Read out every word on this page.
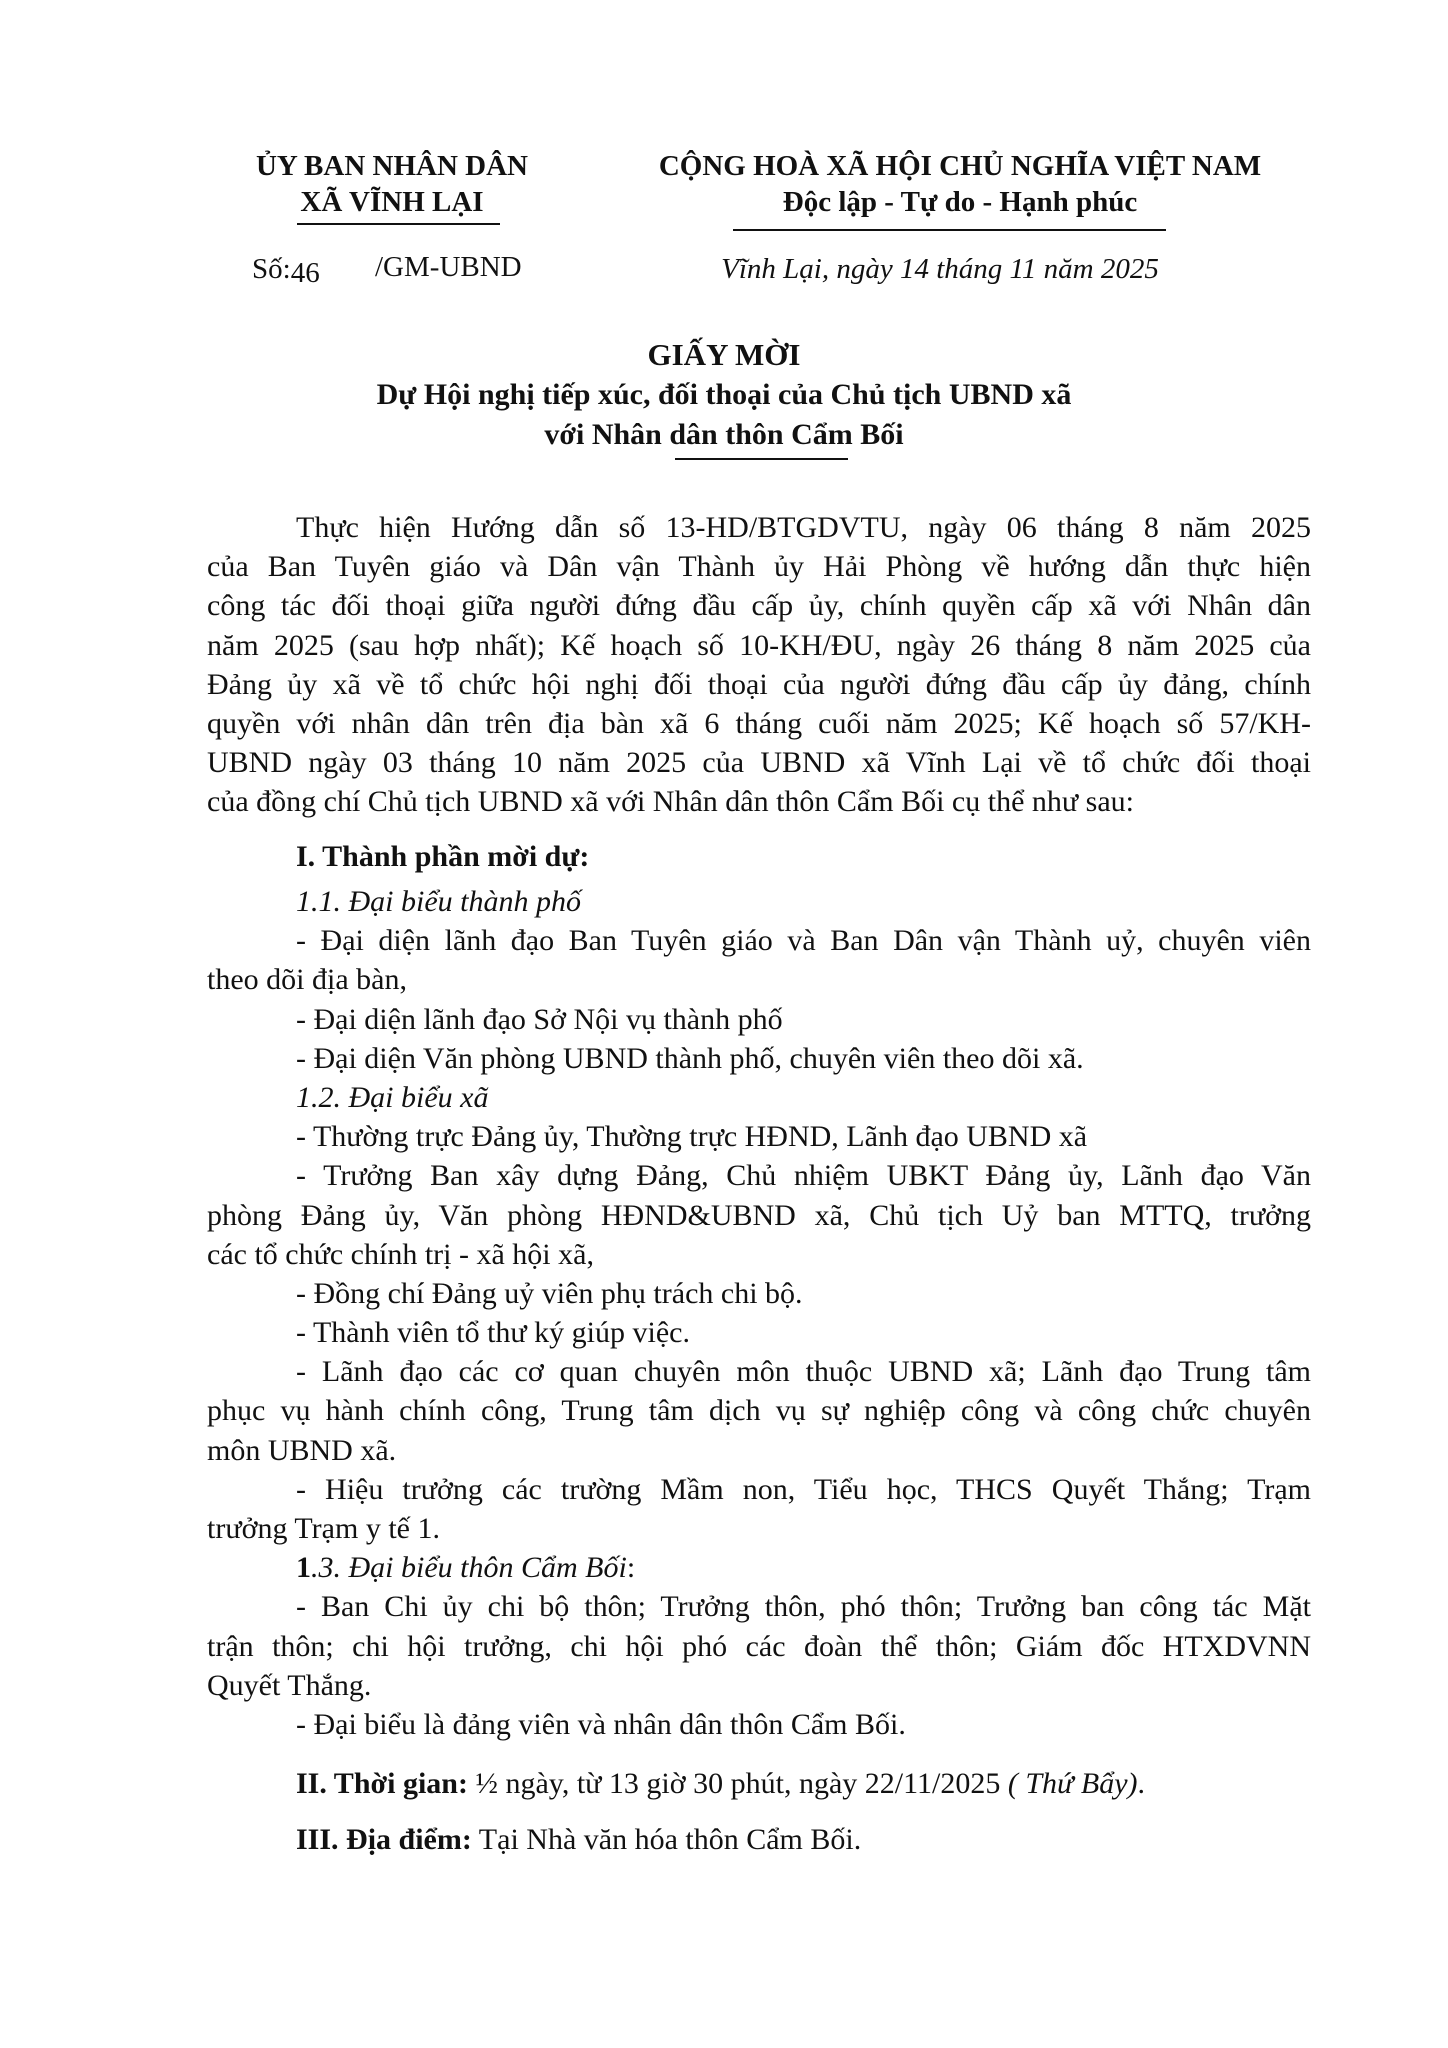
ỦY BAN NHÂN DÂN
XÃ VĨNH LẠI
CỘNG HOÀ XÃ HỘI CHỦ NGHĨA VIỆT NAM
Độc lập - Tự do - Hạnh phúc
Số:46 /GM-UBND	Vĩnh Lại, ngày 14 tháng 11 năm 2025
GIẤY MỜI
Dự Hội nghị tiếp xúc, đối thoại của Chủ tịch UBND xã
với Nhân dân thôn Cẩm Bối
Thực hiện Hướng dẫn số 13-HD/BTGDVTU, ngày 06 tháng 8 năm 2025
của Ban Tuyên giáo và Dân vận Thành ủy Hải Phòng về hướng dẫn thực hiện
công tác đối thoại giữa người đứng đầu cấp ủy, chính quyền cấp xã với Nhân dân
năm 2025 (sau hợp nhất); Kế hoạch số 10-KH/ĐU, ngày 26 tháng 8 năm 2025 của
Đảng ủy xã về tổ chức hội nghị đối thoại của người đứng đầu cấp ủy đảng, chính
quyền với nhân dân trên địa bàn xã 6 tháng cuối năm 2025; Kế hoạch số 57/KH-
UBND ngày 03 tháng 10 năm 2025 của UBND xã Vĩnh Lại về tổ chức đối thoại
của đồng chí Chủ tịch UBND xã với Nhân dân thôn Cẩm Bối cụ thể như sau:
I. Thành phần mời dự:
1.1. Đại biểu thành phố
- Đại diện lãnh đạo Ban Tuyên giáo và Ban Dân vận Thành uỷ, chuyên viên
theo dõi địa bàn,
- Đại diện lãnh đạo Sở Nội vụ thành phố
- Đại diện Văn phòng UBND thành phố, chuyên viên theo dõi xã.
1.2. Đại biểu xã
- Thường trực Đảng ủy, Thường trực HĐND, Lãnh đạo UBND xã
- Trưởng Ban xây dựng Đảng, Chủ nhiệm UBKT Đảng ủy, Lãnh đạo Văn
phòng Đảng ủy, Văn phòng HĐND&UBND xã, Chủ tịch Uỷ ban MTTQ, trưởng
các tổ chức chính trị - xã hội xã,
- Đồng chí Đảng uỷ viên phụ trách chi bộ.
- Thành viên tổ thư ký giúp việc.
- Lãnh đạo các cơ quan chuyên môn thuộc UBND xã; Lãnh đạo Trung tâm
phục vụ hành chính công, Trung tâm dịch vụ sự nghiệp công và công chức chuyên
môn UBND xã.
- Hiệu trưởng các trường Mầm non, Tiểu học, THCS Quyết Thắng; Trạm
trưởng Trạm y tế 1.
1.3. Đại biểu thôn Cẩm Bối:
- Ban Chi ủy chi bộ thôn; Trưởng thôn, phó thôn; Trưởng ban công tác Mặt
trận thôn; chi hội trưởng, chi hội phó các đoàn thể thôn; Giám đốc HTXDVNN
Quyết Thắng.
- Đại biểu là đảng viên và nhân dân thôn Cẩm Bối.
II. Thời gian: ½ ngày, từ 13 giờ 30 phút, ngày 22/11/2025 ( Thứ Bẩy).
III. Địa điểm: Tại Nhà văn hóa thôn Cẩm Bối.
